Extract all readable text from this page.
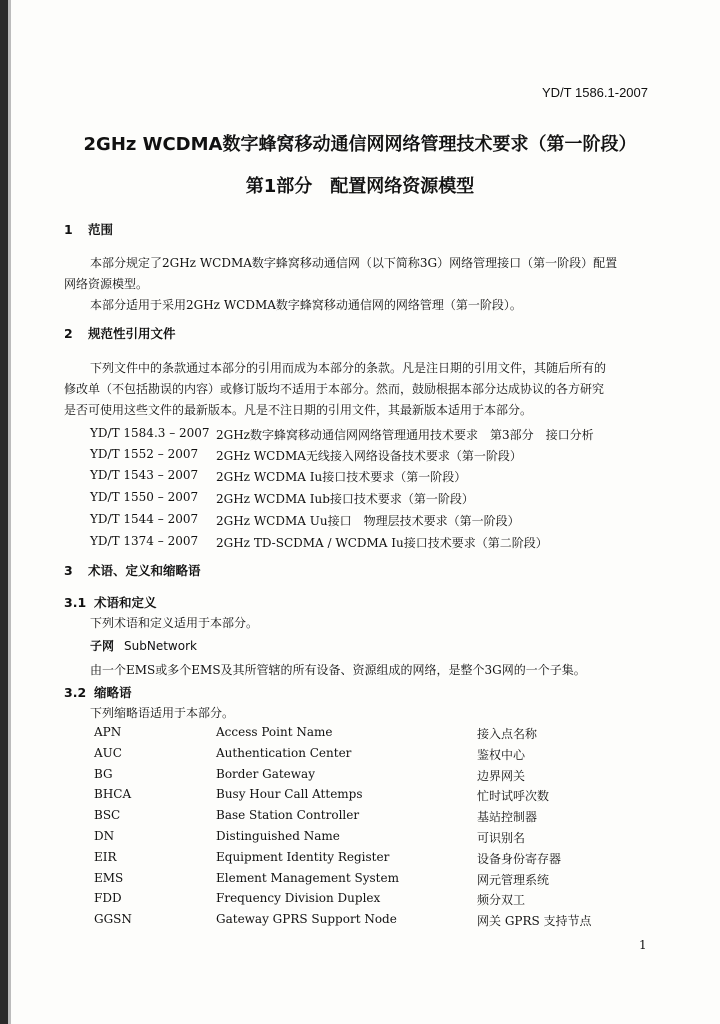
YD/T 1586.1-2007
2GHz WCDMA数字蜂窝移动通信网网络管理技术要求（第一阶段）
第1部分　配置网络资源模型
1 范围
本部分规定了2GHz WCDMA数字蜂窝移动通信网（以下简称3G）网络管理接口（第一阶段）配置
网络资源模型。
本部分适用于采用2GHz WCDMA数字蜂窝移动通信网的网络管理（第一阶段）。
2 规范性引用文件
下列文件中的条款通过本部分的引用而成为本部分的条款。凡是注日期的引用文件，其随后所有的
修改单（不包括勘误的内容）或修订版均不适用于本部分。然而，鼓励根据本部分达成协议的各方研究
是否可使用这些文件的最新版本。凡是不注日期的引用文件，其最新版本适用于本部分。
YD/T 1584.3 – 2007 2GHz数字蜂窝移动通信网网络管理通用技术要求　第3部分　接口分析
YD/T 1552 – 2007 2GHz WCDMA无线接入网络设备技术要求（第一阶段）
YD/T 1543 – 2007 2GHz WCDMA Iu接口技术要求（第一阶段）
YD/T 1550 – 2007 2GHz WCDMA Iub接口技术要求（第一阶段）
YD/T 1544 – 2007 2GHz WCDMA Uu接口　物理层技术要求（第一阶段）
YD/T 1374 – 2007 2GHz TD-SCDMA / WCDMA Iu接口技术要求（第二阶段）
3 术语、定义和缩略语
3.1 术语和定义
下列术语和定义适用于本部分。
子网 SubNetwork
由一个EMS或多个EMS及其所管辖的所有设备、资源组成的网络，是整个3G网的一个子集。
3.2 缩略语
下列缩略语适用于本部分。
APN	Access Point Name	接入点名称
AUC	Authentication Center	鉴权中心
BG	Border Gateway	边界网关
BHCA	Busy Hour Call Attemps	忙时试呼次数
BSC	Base Station Controller	基站控制器
DN	Distinguished Name	可识别名
EIR	Equipment Identity Register	设备身份寄存器
EMS	Element Management System	网元管理系统
FDD	Frequency Division Duplex	频分双工
GGSN	Gateway GPRS Support Node	网关 GPRS 支持节点
1
